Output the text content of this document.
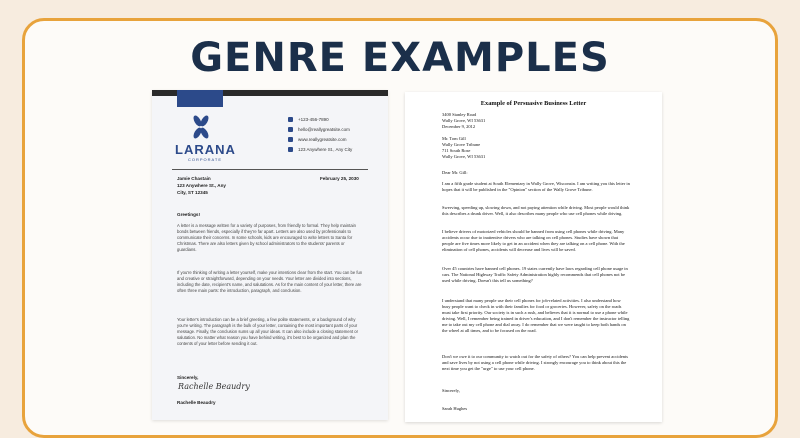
GENRE EXAMPLES
LARANA
CORPORATE
+123-456-7890
hello@reallygreatsite.com
www.reallygreatsite.com
123 Anywhere St., Any City
Jamie Chastain
123 Anywhere St., Any
City, ST 12345
February 25, 2030
Greetings!
A letter is a message written for a variety of purposes, from friendly to formal. They help maintain bonds between friends, especially if they're far apart. Letters are also used by professionals to communicate their concerns. In some schools, kids are encouraged to write letters to Santa for Christmas. There are also letters given by school administrators to the students' parents or guardians.
If you're thinking of writing a letter yourself, make your intentions clear from the start. You can be fun and creative or straightforward, depending on your needs. Your letter are divided into sections, including the date, recipient's name, and salutations. As for the main content of your letter, there are often three main parts: the introduction, paragraph, and conclusion.
Your letter's introduction can be a brief greeting, a few polite statements, or a background of why you're writing. The paragraph is the bulk of your letter, containing the most important parts of your message. Finally, the conclusion sums up all your ideas. It can also include a closing statement or salutation. No matter what reason you have behind writing, it's best to be organized and plan the contents of your letter before sending it out.
Sincerely,
Rachelle Beaudry
Rachelle Beaudry
Example of Persuasive Business Letter
3400 Stanley Road
Wally Grove, WI 53631
December 9, 2012
Mr. Tom Gill
Wally Grove Tribune
711 South Rose
Wally Grove, WI 53631
Dear Mr. Gill:
I am a fifth grade student at South Elementary in Wally Grove, Wisconsin. I am writing you this letter in hopes that it will be published in the "Opinion" section of the Wally Grove Tribune.
Swerving, speeding up, slowing down, and not paying attention while driving. Most people would think this describes a drunk driver. Well, it also describes many people who use cell phones while driving.
I believe drivers of motorized vehicles should be banned from using cell phones while driving. Many accidents occur due to inattentive drivers who are talking on cell phones. Studies have shown that people are five times more likely to get in an accident when they are talking on a cell phone. With the elimination of cell phones, accidents will decrease and lives will be saved.
Over 45 countries have banned cell phones. 19 states currently have laws regarding cell phone usage in cars. The National Highway Traffic Safety Administration highly recommends that cell phones not be used while driving. Doesn't this tell us something?
I understand that many people use their cell phones for job-related activities. I also understand how busy people want to check in with their families for food or groceries. However, safety on the roads must take first priority. Our society is in such a rush, and believes that it is normal to use a phone while driving. Well, I remember being trained in driver's education, and I don't remember the instructor telling me to take out my cell phone and dial away. I do remember that we were taught to keep both hands on the wheel at all times, and to be focused on the road.
Don't we owe it to our community to watch out for the safety of others? You can help prevent accidents and save lives by not using a cell phone while driving. I strongly encourage you to think about this the next time you get the "urge" to use your cell phone.
Sincerely,
Sarah Hughes
